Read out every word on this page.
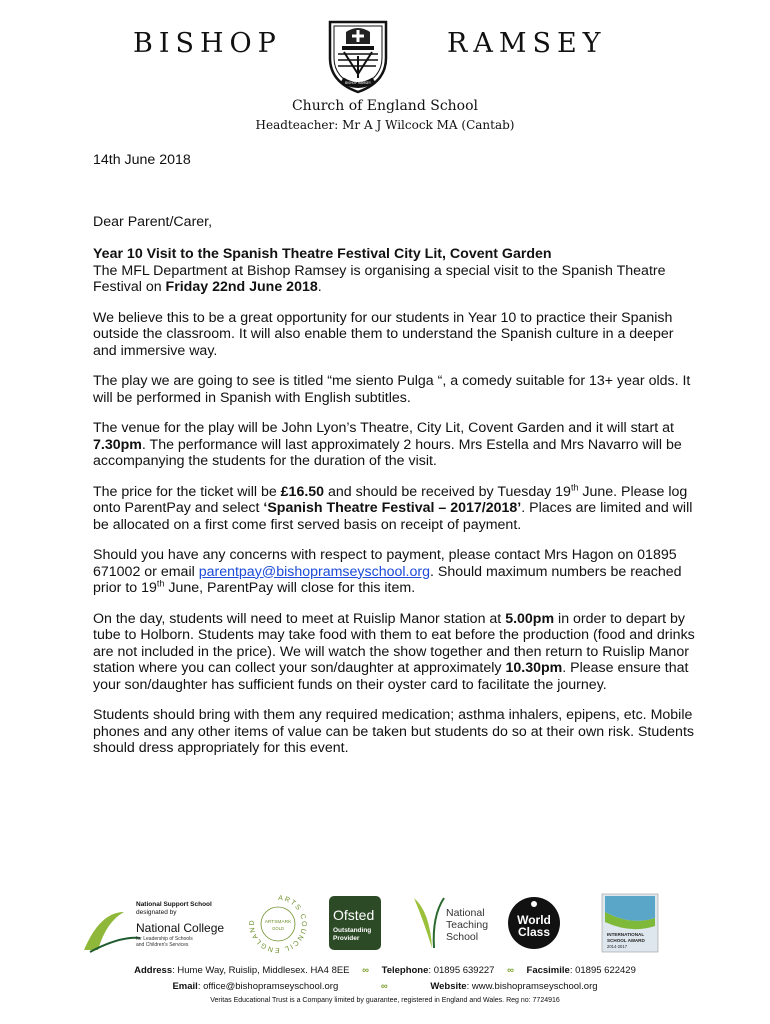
BISHOP	RAMSEY
BISHOP RAMSEY
Church of England School
Headteacher: Mr A J Wilcock MA (Cantab)
14th June 2018
Dear Parent/Carer,

Year 10 Visit to the Spanish Theatre Festival City Lit, Covent Garden
The MFL Department at Bishop Ramsey is organising a special visit to the Spanish Theatre Festival on Friday 22nd June 2018.

We believe this to be a great opportunity for our students in Year 10 to practice their Spanish outside the classroom. It will also enable them to understand the Spanish culture in a deeper and immersive way.

The play we are going to see is titled “me siento Pulga “, a comedy suitable for 13+ year olds. It will be performed in Spanish with English subtitles.

The venue for the play will be John Lyon’s Theatre, City Lit, Covent Garden and it will start at 7.30pm. The performance will last approximately 2 hours. Mrs Estella and Mrs Navarro will be accompanying the students for the duration of the visit.

The price for the ticket will be £16.50 and should be received by Tuesday 19th June. Please log onto ParentPay and select ‘Spanish Theatre Festival – 2017/2018’. Places are limited and will be allocated on a first come first served basis on receipt of payment.

Should you have any concerns with respect to payment, please contact Mrs Hagon on 01895 671002 or email parentpay@bishopramseyschool.org. Should maximum numbers be reached prior to 19th June, ParentPay will close for this item.

On the day, students will need to meet at Ruislip Manor station at 5.00pm in order to depart by tube to Holborn. Students may take food with them to eat before the production (food and drinks are not included in the price). We will watch the show together and then return to Ruislip Manor station where you can collect your son/daughter at approximately 10.30pm. Please ensure that your son/daughter has sufficient funds on their oyster card to facilitate the journey.

Students should bring with them any required medication; asthma inhalers, epipens, etc. Mobile phones and any other items of value can be taken but students do so at their own risk. Students should dress appropriately for this event.

National Support School
designated by
National College
for Leadership of Schools
and Children's Services
ARTS COUNCIL ENGLAND	ARTSMARK
GOLD
Ofsted
Outstanding
Provider
National
Teaching
School
World
Class	INTERNATIONAL
SCHOOL AWARD
2014-2017
Address: Hume Way, Ruislip, Middlesex. HA4 8EE ∞ Telephone: 01895 639227 ∞ Facsimile: 01895 622429
Email: office@bishopramseyschool.org	∞	Website: www.bishopramseyschool.org
Veritas Educational Trust is a Company limited by guarantee, registered in England and Wales. Reg no: 7724916
